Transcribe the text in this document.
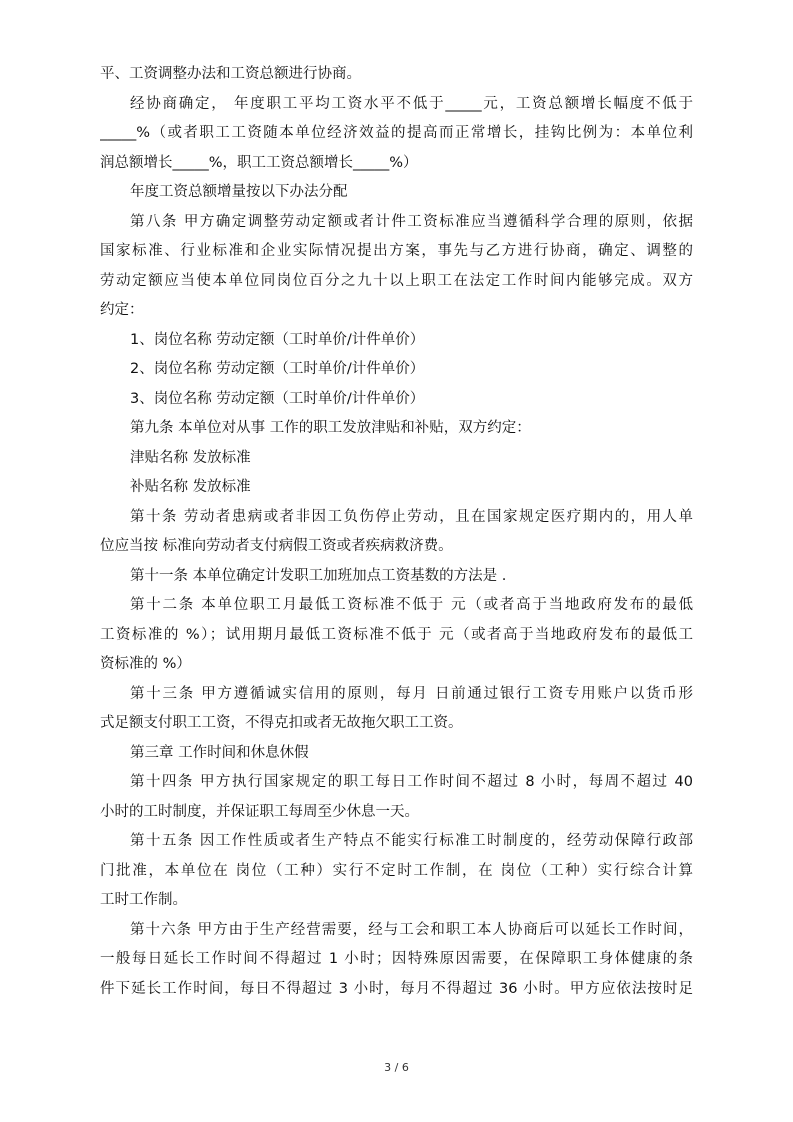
平、工资调整办法和工资总额进行协商。
经协商确定， 年度职工平均工资水平不低于_____元，工资总额增长幅度不低于
_____%（或者职工工资随本单位经济效益的提高而正常增长，挂钩比例为：本单位利
润总额增长_____%，职工工资总额增长_____%）
年度工资总额增量按以下办法分配
第八条 甲方确定调整劳动定额或者计件工资标准应当遵循科学合理的原则，依据
国家标准、行业标准和企业实际情况提出方案，事先与乙方进行协商，确定、调整的
劳动定额应当使本单位同岗位百分之九十以上职工在法定工作时间内能够完成。双方
约定：
1、岗位名称 劳动定额（工时单价/计件单价）
2、岗位名称 劳动定额（工时单价/计件单价）
3、岗位名称 劳动定额（工时单价/计件单价）
第九条 本单位对从事 工作的职工发放津贴和补贴，双方约定：
津贴名称 发放标准
补贴名称 发放标准
第十条 劳动者患病或者非因工负伤停止劳动，且在国家规定医疗期内的，用人单
位应当按 标准向劳动者支付病假工资或者疾病救济费。
第十一条 本单位确定计发职工加班加点工资基数的方法是 .
第十二条 本单位职工月最低工资标准不低于 元（或者高于当地政府发布的最低
工资标准的 %）；试用期月最低工资标准不低于 元（或者高于当地政府发布的最低工
资标准的 %）
第十三条 甲方遵循诚实信用的原则，每月 日前通过银行工资专用账户以货币形
式足额支付职工工资，不得克扣或者无故拖欠职工工资。
第三章 工作时间和休息休假
第十四条 甲方执行国家规定的职工每日工作时间不超过 8 小时，每周不超过 40
小时的工时制度，并保证职工每周至少休息一天。
第十五条 因工作性质或者生产特点不能实行标准工时制度的，经劳动保障行政部
门批准，本单位在 岗位（工种）实行不定时工作制，在 岗位（工种）实行综合计算
工时工作制。
第十六条 甲方由于生产经营需要，经与工会和职工本人协商后可以延长工作时间，
一般每日延长工作时间不得超过 1 小时；因特殊原因需要，在保障职工身体健康的条
件下延长工作时间，每日不得超过 3 小时，每月不得超过 36 小时。甲方应依法按时足
3 / 6
